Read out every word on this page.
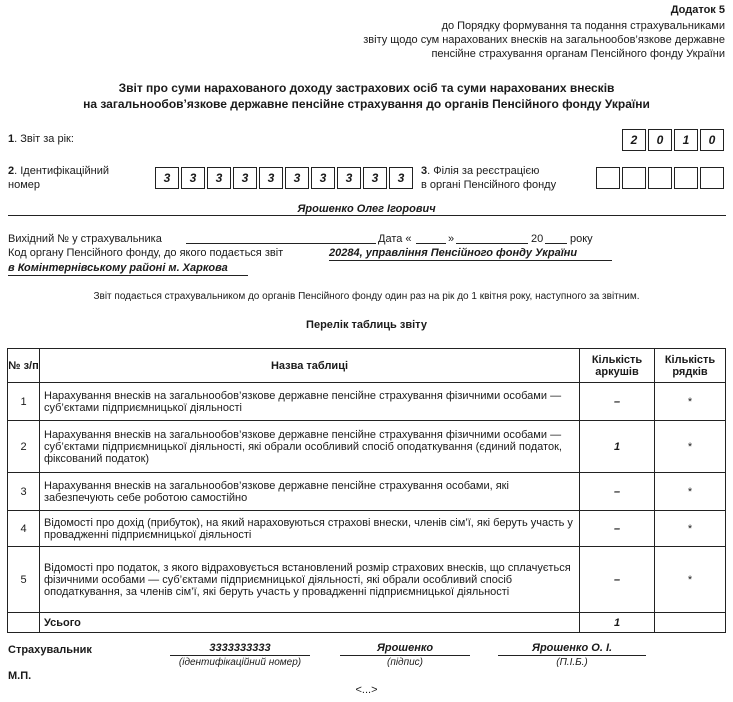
Додаток 5
до Порядку формування та подання страхувальниками
звіту щодо сум нарахованих внесків на загальнообов’язкове державне
пенсійне страхування органам Пенсійного фонду України
Звіт про суми нарахованого доходу застрахових осіб та суми нарахованих внесків
на загальнообов’язкове державне пенсійне страхування до органів Пенсійного фонду України
1. Звіт за рік:	2	0	1	0
2. Ідентифікаційний
номер	3	3	3	3	3	3	3	3	3	3	3. Філія за реєстрацією
в органі Пенсійного фонду
Ярошенко Олег Ігорович
Вихідний № у страхувальника	Дата «	»	20 року
Код органу Пенсійного фонду, до якого подається звіт	20284, управління Пенсійного фонду України
в Комінтернівському районі м. Харкова
Звіт подається страхувальником до органів Пенсійного фонду один раз на рік до 1 квітня року, наступного за звітним.
Перелік таблиць звіту
№ з/п	Назва таблиці	Кількість аркушів	Кількість рядків
1	Нарахування внесків на загальнообов’язкове державне пенсійне страхування фізичними особами — суб’єктами підприємницької діяльності	–	*
2	Нарахування внесків на загальнообов’язкове державне пенсійне страхування фізичними особами — суб’єктами підприємницької діяльності, які обрали особливий спосіб оподаткування (єдиний податок, фіксований податок)	1	*
3	Нарахування внесків на загальнообов’язкове державне пенсійне страхування особами, які забезпечують себе роботою самостійно	–	*
4	Відомості про дохід (прибуток), на який нараховуються страхові внески, членів сім’ї, які беруть участь у провадженні підприємницької діяльності	–	*
5	Відомості про податок, з якого відраховується встановлений розмір страхових внесків, що сплачується фізичними особами — суб’єктами підприємницької діяльності, які обрали особливий спосіб оподаткування, за членів сім’ї, які беруть участь у провадженні підприємницької діяльності	–	*
	Усього	1	
Страхувальник	3333333333
(ідентифікаційний номер)
Ярошенко
(підпис)
Ярошенко О. І.
(П.І.Б.)
М.П.
<...>
